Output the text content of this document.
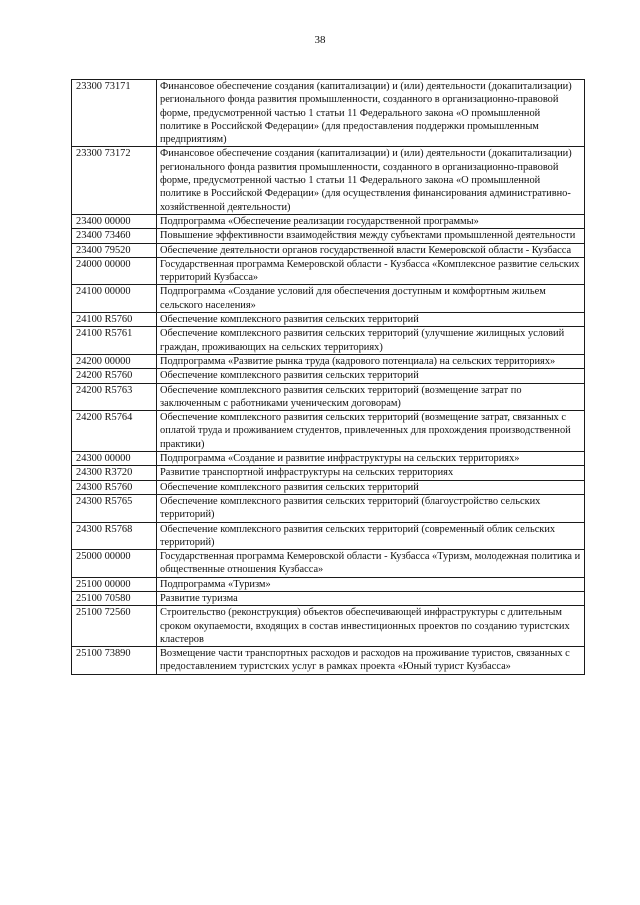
38
23300 73171	Финансовое обеспечение создания (капитализации) и (или) деятельности (докапитализации) регионального фонда развития промышленности, созданного в организационно-правовой форме, предусмотренной частью 1 статьи 11 Федерального закона «О промышленной политике в Российской Федерации» (для предоставления поддержки промышленным предприятиям)
23300 73172	Финансовое обеспечение создания (капитализации) и (или) деятельности (докапитализации) регионального фонда развития промышленности, созданного в организационно-правовой форме, предусмотренной частью 1 статьи 11 Федерального закона «О промышленной политике в Российской Федерации» (для осуществления финансирования административно-хозяйственной деятельности)
23400 00000	Подпрограмма «Обеспечение реализации государственной программы»
23400 73460	Повышение эффективности взаимодействия между субъектами промышленной деятельности
23400 79520	Обеспечение деятельности органов государственной власти Кемеровской области - Кузбасса
24000 00000	Государственная программа Кемеровской области - Кузбасса «Комплексное развитие сельских территорий Кузбасса»
24100 00000	Подпрограмма «Создание условий для обеспечения доступным и комфортным жильем сельского населения»
24100 R5760	Обеспечение комплексного развития сельских территорий
24100 R5761	Обеспечение комплексного развития сельских территорий (улучшение жилищных условий граждан, проживающих на сельских территориях)
24200 00000	Подпрограмма «Развитие рынка труда (кадрового потенциала) на сельских территориях»
24200 R5760	Обеспечение комплексного развития сельских территорий
24200 R5763	Обеспечение комплексного развития сельских территорий (возмещение затрат по заключенным с работниками ученическим договорам)
24200 R5764	Обеспечение комплексного развития сельских территорий (возмещение затрат, связанных с оплатой труда и проживанием студентов, привлеченных для прохождения производственной практики)
24300 00000	Подпрограмма «Создание и развитие инфраструктуры на сельских территориях»
24300 R3720	Развитие транспортной инфраструктуры на сельских территориях
24300 R5760	Обеспечение комплексного развития сельских территорий
24300 R5765	Обеспечение комплексного развития сельских территорий (благоустройство сельских территорий)
24300 R5768	Обеспечение комплексного развития сельских территорий (современный облик сельских территорий)
25000 00000	Государственная программа Кемеровской области - Кузбасса «Туризм, молодежная политика и общественные отношения Кузбасса»
25100 00000	Подпрограмма «Туризм»
25100 70580	Развитие туризма
25100 72560	Строительство (реконструкция) объектов обеспечивающей инфраструктуры с длительным сроком окупаемости, входящих в состав инвестиционных проектов по созданию туристских кластеров
25100 73890	Возмещение части транспортных расходов и расходов на проживание туристов, связанных с предоставлением туристских услуг в рамках проекта «Юный турист Кузбасса»
